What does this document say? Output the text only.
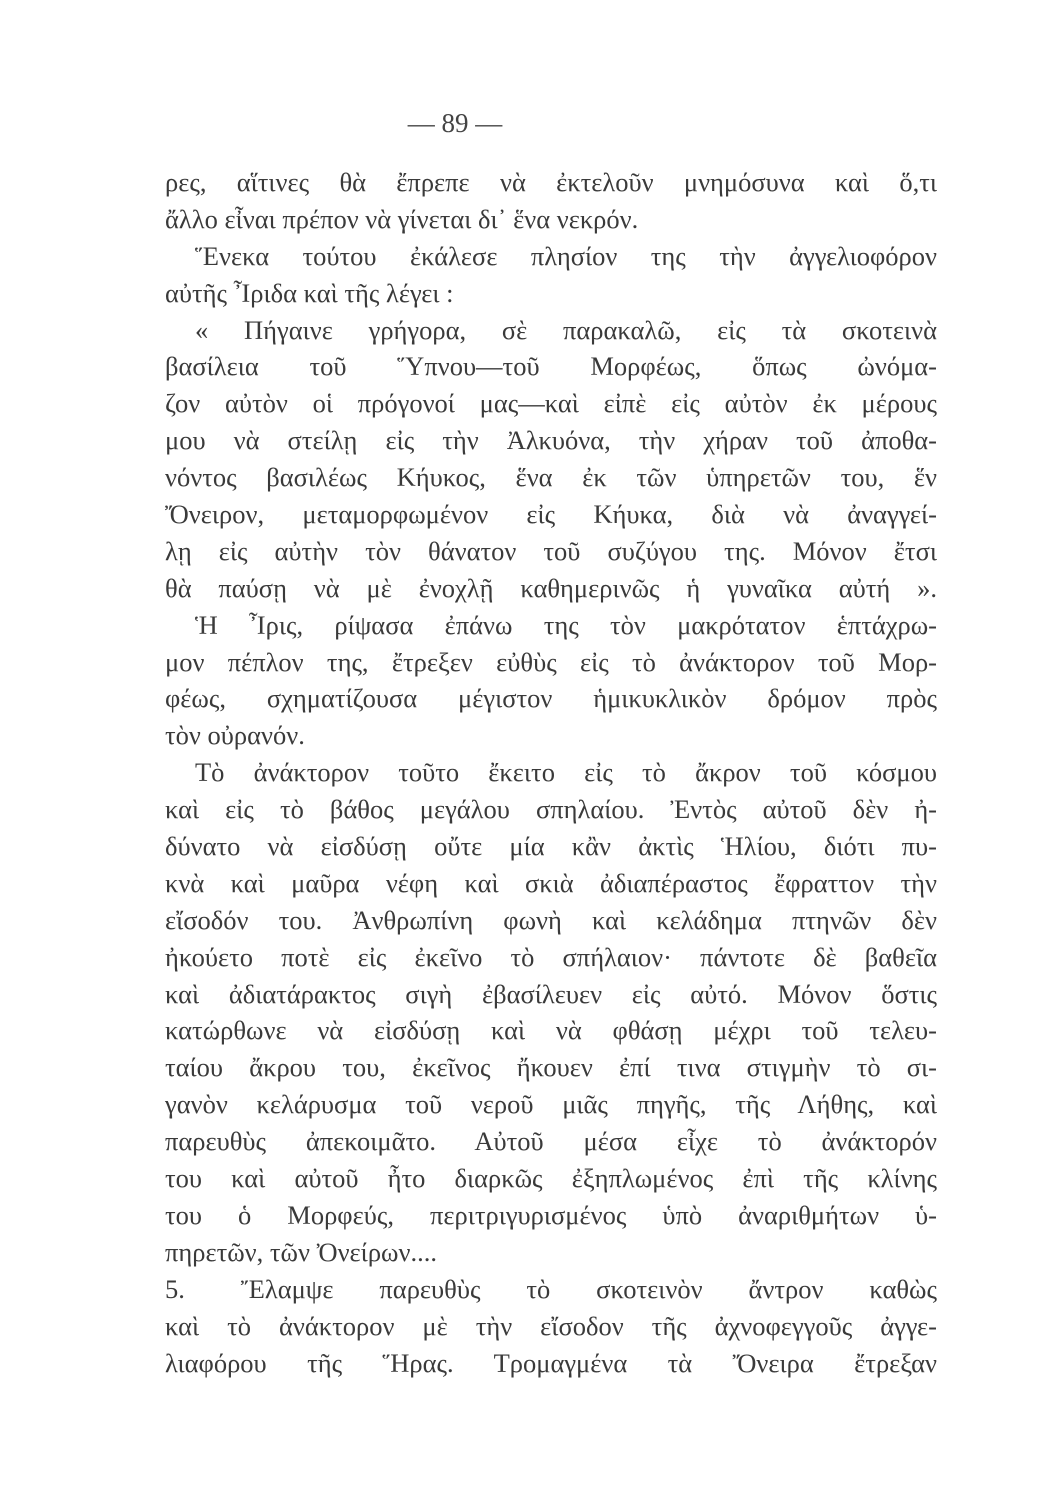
— 89 —
ρες, αἵτινες θὰ ἔπρεπε νὰ ἐκτελοῦν μνημόσυνα καὶ ὅ,τι
ἄλλο εἶναι πρέπον νὰ γίνεται δι᾽ ἕνα νεκρόν.
Ἕνεκα τούτου ἐκάλεσε πλησίον της τὴν ἀγγελιοφόρον
αὐτῆς Ἶριδα καὶ τῆς λέγει :
« Πήγαινε γρήγορα, σὲ παρακαλῶ, εἰς τὰ σκοτεινὰ
βασίλεια τοῦ Ὕπνου—τοῦ Μορφέως, ὅπως ὠνόμα-
ζον αὐτὸν οἱ πρόγονοί μας—καὶ εἰπὲ εἰς αὐτὸν ἐκ μέρους
μου νὰ στείλῃ εἰς τὴν Ἀλκυόνα, τὴν χήραν τοῦ ἀποθα-
νόντος βασιλέως Κήυκος, ἕνα ἐκ τῶν ὑπηρετῶν του, ἕν
Ὄνειρον, μεταμορφωμένον εἰς Κήυκα, διὰ νὰ ἀναγγεί-
λῃ εἰς αὐτὴν τὸν θάνατον τοῦ συζύγου της. Μόνον ἔτσι
θὰ παύσῃ νὰ μὲ ἐνοχλῇ καθημερινῶς ἡ γυναῖκα αὐτή ».
Ἡ Ἶρις, ρίψασα ἐπάνω της τὸν μακρότατον ἑπτάχρω-
μον πέπλον της, ἔτρεξεν εὐθὺς εἰς τὸ ἀνάκτορον τοῦ Μορ-
φέως, σχηματίζουσα μέγιστον ἡμικυκλικὸν δρόμον πρὸς
τὸν οὐρανόν.
Τὸ ἀνάκτορον τοῦτο ἔκειτο εἰς τὸ ἄκρον τοῦ κόσμου
καὶ εἰς τὸ βάθος μεγάλου σπηλαίου. Ἐντὸς αὐτοῦ δὲν ἠ-
δύνατο νὰ εἰσδύσῃ οὔτε μία κἂν ἀκτὶς Ἡλίου, διότι πυ-
κνὰ καὶ μαῦρα νέφη καὶ σκιὰ ἀδιαπέραστος ἔφραττον τὴν
εἴσοδόν του. Ἀνθρωπίνη φωνὴ καὶ κελάδημα πτηνῶν δὲν
ἠκούετο ποτὲ εἰς ἐκεῖνο τὸ σπήλαιον· πάντοτε δὲ βαθεῖα
καὶ ἀδιατάρακτος σιγὴ ἐβασίλευεν εἰς αὐτό. Μόνον ὅστις
κατώρθωνε νὰ εἰσδύσῃ καὶ νὰ φθάσῃ μέχρι τοῦ τελευ-
ταίου ἄκρου του, ἐκεῖνος ἤκουεν ἐπί τινα στιγμὴν τὸ σι-
γανὸν κελάρυσμα τοῦ νεροῦ μιᾶς πηγῆς, τῆς Λήθης, καὶ
παρευθὺς ἀπεκοιμᾶτο. Αὐτοῦ μέσα εἶχε τὸ ἀνάκτορόν
του καὶ αὐτοῦ ἦτο διαρκῶς ἐξηπλωμένος ἐπὶ τῆς κλίνης
του ὁ Μορφεύς, περιτριγυρισμένος ὑπὸ ἀναριθμήτων ὑ-
πηρετῶν, τῶν Ὀνείρων....
5. Ἔλαμψε παρευθὺς τὸ σκοτεινὸν ἄντρον καθὼς
καὶ τὸ ἀνάκτορον μὲ τὴν εἴσοδον τῆς ἀχνοφεγγοῦς ἀγγε-
λιαφόρου τῆς Ἥρας. Τρομαγμένα τὰ Ὄνειρα ἔτρεξαν
